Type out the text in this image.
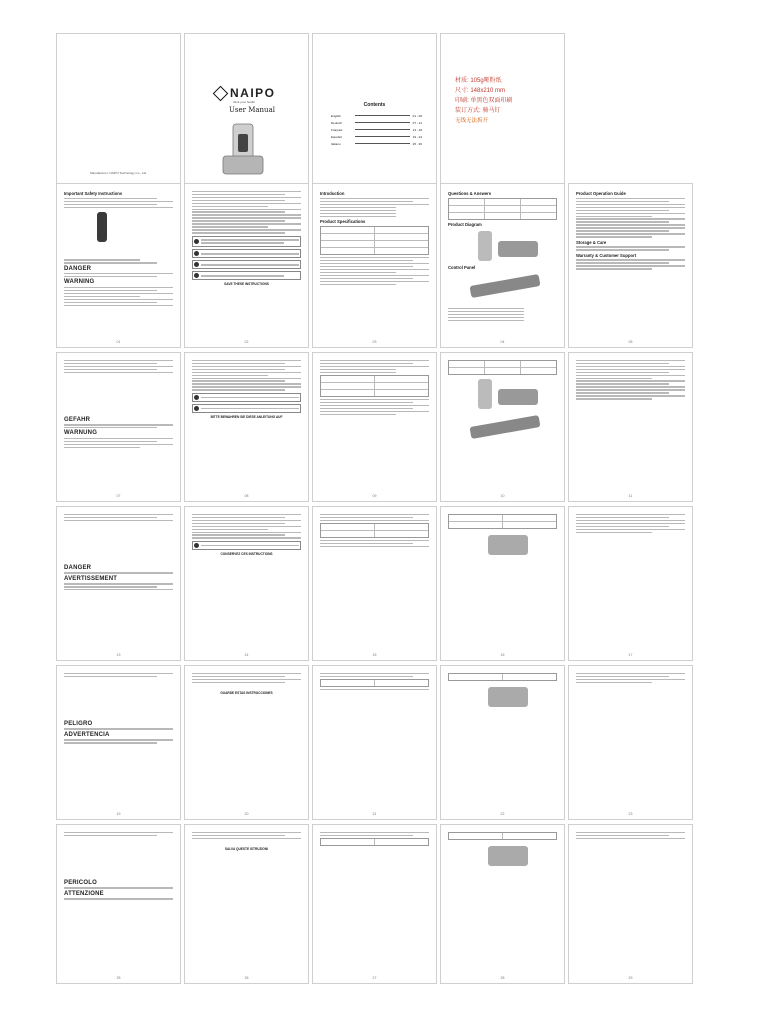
NAIPO
think your health
User Manual
Contents
English	01 - 06
Deutsch	07 - 12
Français	13 - 18
Español	19 - 24
Italiano	25 - 30
材质: 105g哑粉纸
尺寸: 148x210 mm
印刷: 单黑色双面印刷
装订方式: 骑马钉
无线无法拆开
Manufacturer: NAIPO Technology Co., Ltd.
Important Safety Instructions
DANGER
WARNING
01
SAVE THESE INSTRUCTIONS
02
Introduction
Product Specifications
03
Questions & Answers
Product Diagram
Control Panel
04
Product Operation Guide
Storage & Care
Warranty & Customer Support
05
GEFAHR
WARNUNG
07
BITTE BEWAHREN SIE DIESE ANLEITUNG AUF
08	09	10	11
DANGER
AVERTISSEMENT
13
CONSERVEZ CES INSTRUCTIONS
14	15	16	17
PELIGRO
ADVERTENCIA
19
GUARDE ESTAS INSTRUCCIONES
20	21	22	23
PERICOLO
ATTENZIONE
25
SALVA QUESTE ISTRUZIONI
26	27	28	29
